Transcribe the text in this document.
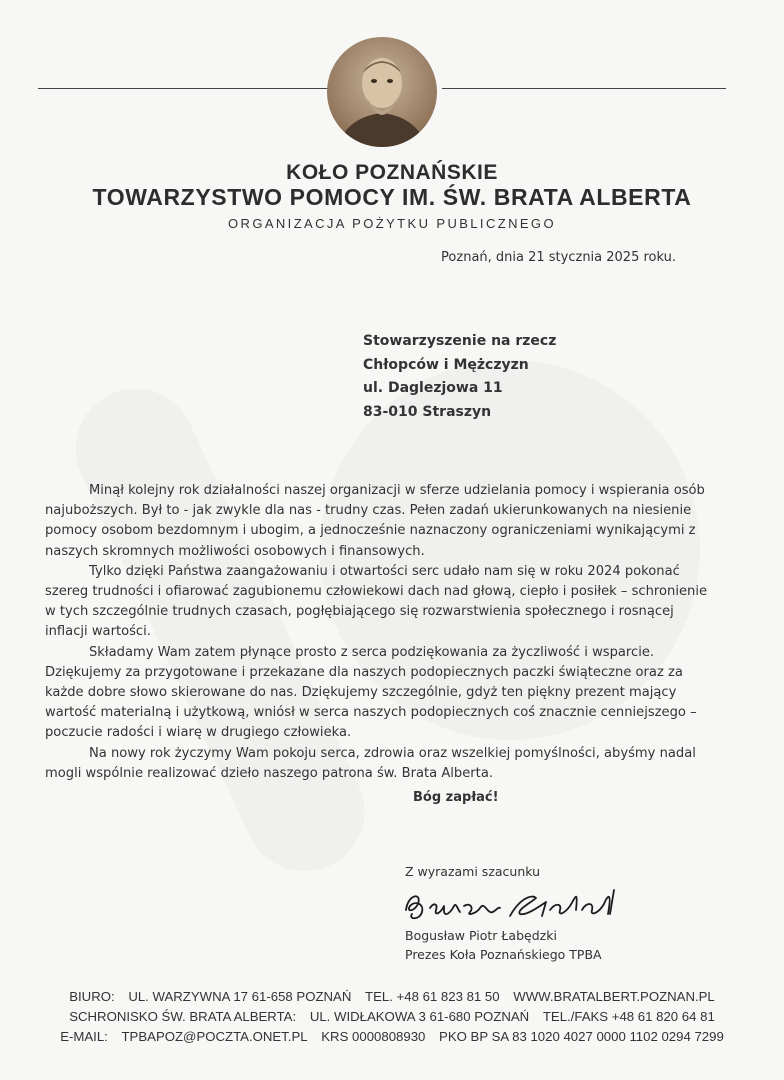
KOŁO POZNAŃSKIE
TOWARZYSTWO POMOCY IM. ŚW. BRATA ALBERTA
ORGANIZACJA POŻYTKU PUBLICZNEGO
Poznań, dnia 21 stycznia 2025 roku.
Stowarzyszenie na rzecz
Chłopców i Mężczyzn
ul. Daglezjowa 11
83-010 Straszyn

Minął kolejny rok działalności naszej organizacji w sferze udzielania pomocy i wspierania osób najuboższych. Był to - jak zwykle dla nas - trudny czas. Pełen zadań ukierunkowanych na niesienie pomocy osobom bezdomnym i ubogim, a jednocześnie naznaczony ograniczeniami wynikającymi z naszych skromnych możliwości osobowych i finansowych.

Tylko dzięki Państwa zaangażowaniu i otwartości serc udało nam się w roku 2024 pokonać szereg trudności i ofiarować zagubionemu człowiekowi dach nad głową, ciepło i posiłek – schronienie w tych szczególnie trudnych czasach, pogłębiającego się rozwarstwienia społecznego i rosnącej inflacji wartości.

Składamy Wam zatem płynące prosto z serca podziękowania za życzliwość i wsparcie. Dziękujemy za przygotowane i przekazane dla naszych podopiecznych paczki świąteczne oraz za każde dobre słowo skierowane do nas. Dziękujemy szczególnie, gdyż ten piękny prezent mający wartość materialną i użytkową, wniósł w serca naszych podopiecznych coś znacznie cenniejszego – poczucie radości i wiarę w drugiego człowieka.

Na nowy rok życzymy Wam pokoju serca, zdrowia oraz wszelkiej pomyślności, abyśmy nadal mogli wspólnie realizować dzieło naszego patrona św. Brata Alberta.

Bóg zapłać!
Z wyrazami szacunku
Bogusław Piotr Łabędzki
Prezes Koła Poznańskiego TPBA
BIURO: UL. WARZYWNA 17 61-658 POZNAŃ TEL. +48 61 823 81 50 WWW.BRATALBERT.POZNAN.PL
SCHRONISKO ŚW. BRATA ALBERTA: UL. WIDŁAKOWA 3 61-680 POZNAŃ TEL./FAKS +48 61 820 64 81
E-MAIL: TPBAPOZ@POCZTA.ONET.PL KRS 0000808930 PKO BP SA 83 1020 4027 0000 1102 0294 7299
